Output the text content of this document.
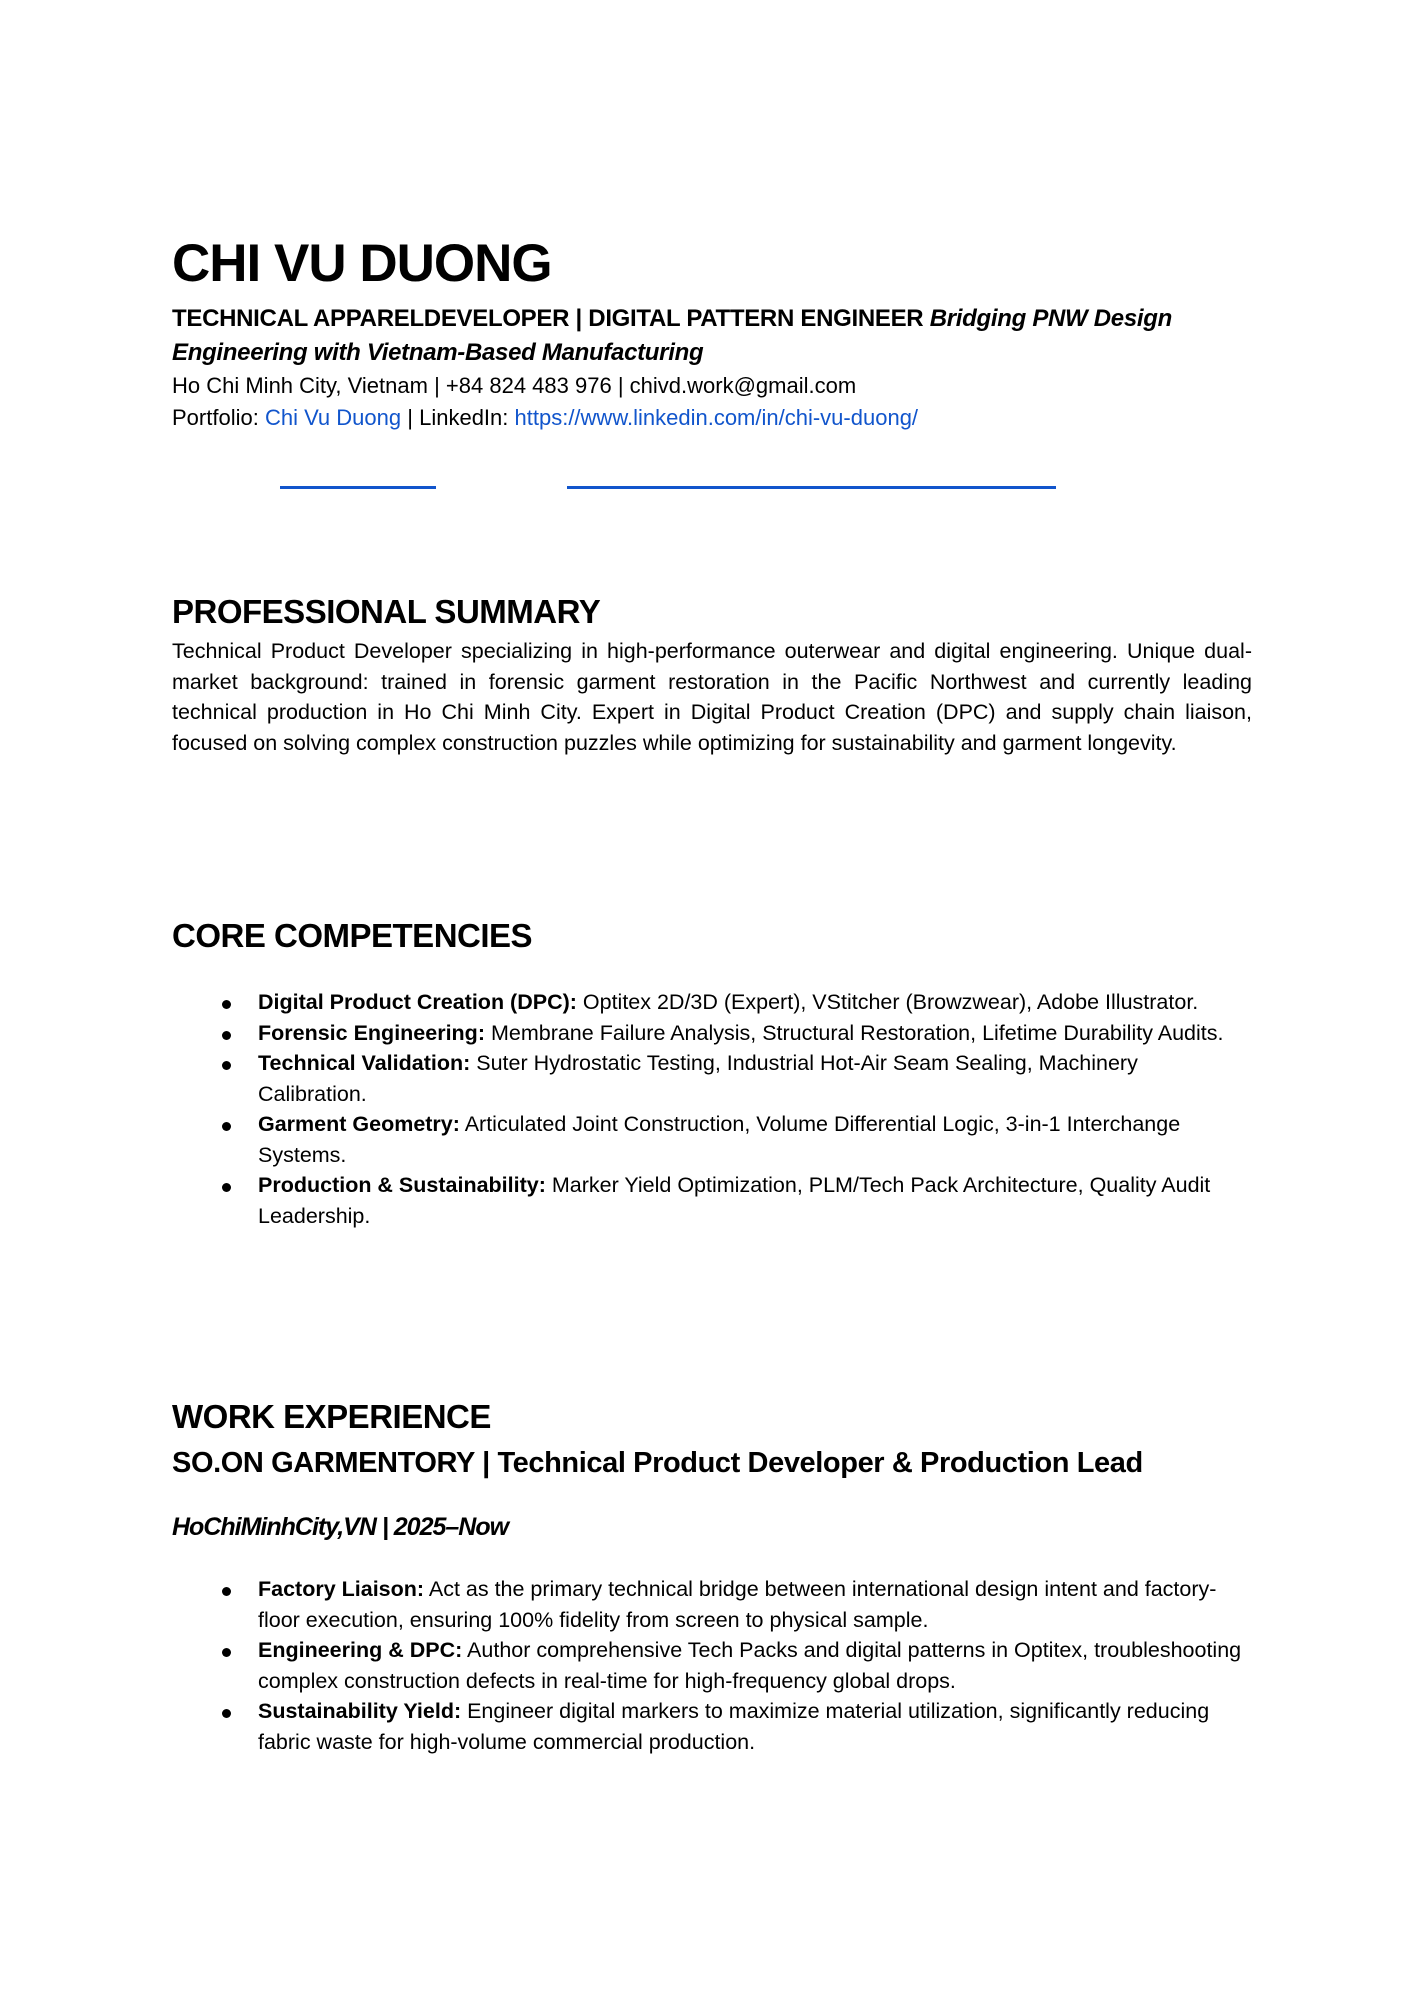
CHI VU DUONG
TECHNICAL APPARELDEVELOPER | DIGITAL PATTERN ENGINEER Bridging PNW Design Engineering with Vietnam-Based Manufacturing
Ho Chi Minh City, Vietnam | +84 824 483 976 | chivd.work@gmail.com
Portfolio: Chi Vu Duong | LinkedIn: https://www.linkedin.com/in/chi-vu-duong/
PROFESSIONAL SUMMARY
Technical Product Developer specializing in high-performance outerwear and digital engineering. Unique dual-market background: trained in forensic garment restoration in the Pacific Northwest and currently leading technical production in Ho Chi Minh City. Expert in Digital Product Creation (DPC) and supply chain liaison, focused on solving complex construction puzzles while optimizing for sustainability and garment longevity.
CORE COMPETENCIES
Digital Product Creation (DPC): Optitex 2D/3D (Expert), VStitcher (Browzwear), Adobe Illustrator.
Forensic Engineering: Membrane Failure Analysis, Structural Restoration, Lifetime Durability Audits.
Technical Validation: Suter Hydrostatic Testing, Industrial Hot-Air Seam Sealing, Machinery Calibration.
Garment Geometry: Articulated Joint Construction, Volume Differential Logic, 3-in-1 Interchange Systems.
Production & Sustainability: Marker Yield Optimization, PLM/Tech Pack Architecture, Quality Audit Leadership.
WORK EXPERIENCE
SO.ON GARMENTORY | Technical Product Developer & Production Lead
HoChiMinhCity,VN | 2025–Now
Factory Liaison: Act as the primary technical bridge between international design intent and factory-floor execution, ensuring 100% fidelity from screen to physical sample.
Engineering & DPC: Author comprehensive Tech Packs and digital patterns in Optitex, troubleshooting complex construction defects in real-time for high-frequency global drops.
Sustainability Yield: Engineer digital markers to maximize material utilization, significantly reducing fabric waste for high-volume commercial production.
